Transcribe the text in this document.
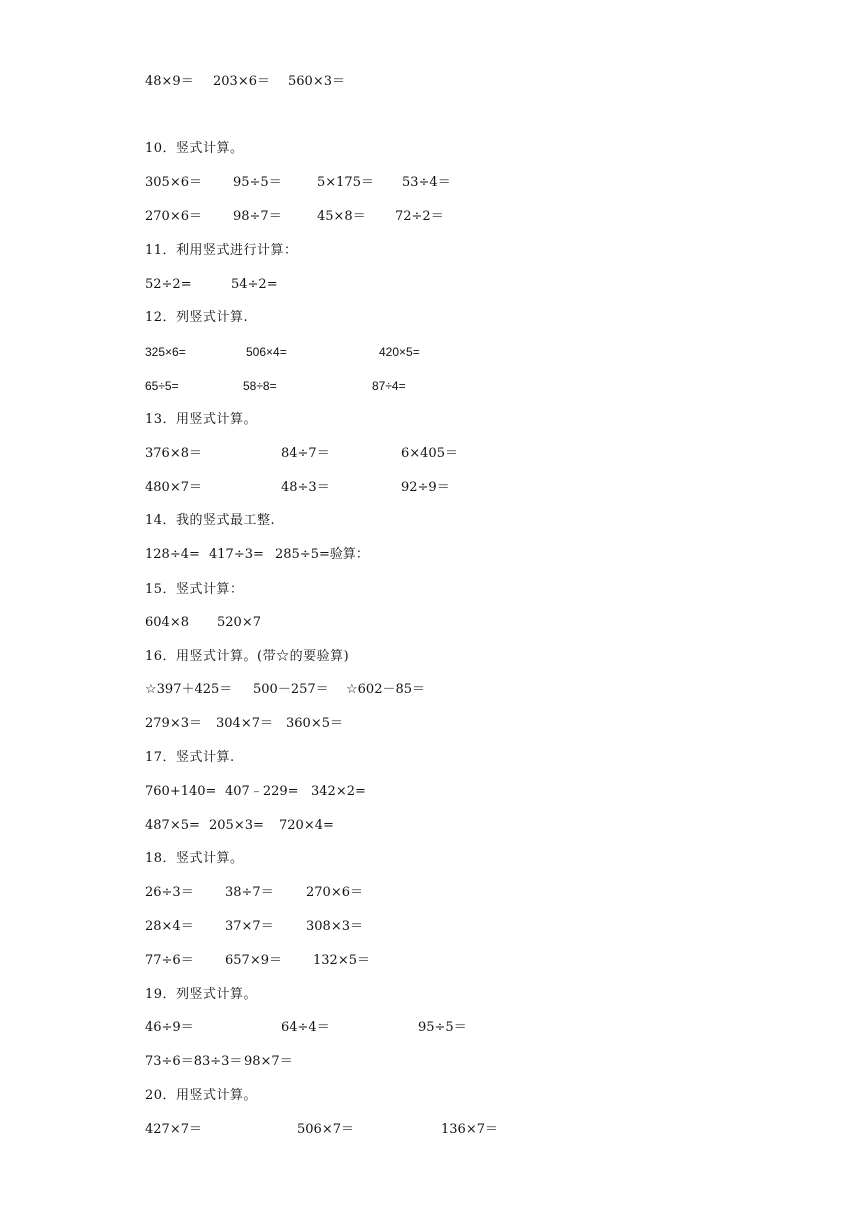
48×9＝ 203×6＝ 560×3＝
10．竖式计算。
305×6＝ 95÷5＝	5×175＝ 53÷4＝
270×6＝ 98÷7＝	45×8＝ 72÷2＝
11．利用竖式进行计算：
52÷2=	54÷2=
12．列竖式计算.
325×6=	506×4=	420×5=
65÷5=	58÷8=	87÷4=
13．用竖式计算。
376×8＝	84÷7＝	6×405＝
480×7＝	48÷3＝	92÷9＝
14．我的竖式最工整.
128÷4= 417÷3= 285÷5=验算：
15．竖式计算：
604×8 520×7
16．用竖式计算。(带☆的要验算)
☆397＋425＝ 500－257＝ ☆602－85＝
279×3＝ 304×7＝ 360×5＝
17．竖式计算.
760+140= 407﹣229= 342×2=
487×5= 205×3= 720×4=
18．竖式计算。
26÷3＝ 38÷7＝ 270×6＝
28×4＝ 37×7＝ 308×3＝
77÷6＝ 657×9＝ 132×5＝
19．列竖式计算。
46÷9＝	64÷4＝	95÷5＝
73÷6＝83÷3＝ 98×7＝
20．用竖式计算。
427×7＝	506×7＝	136×7＝
